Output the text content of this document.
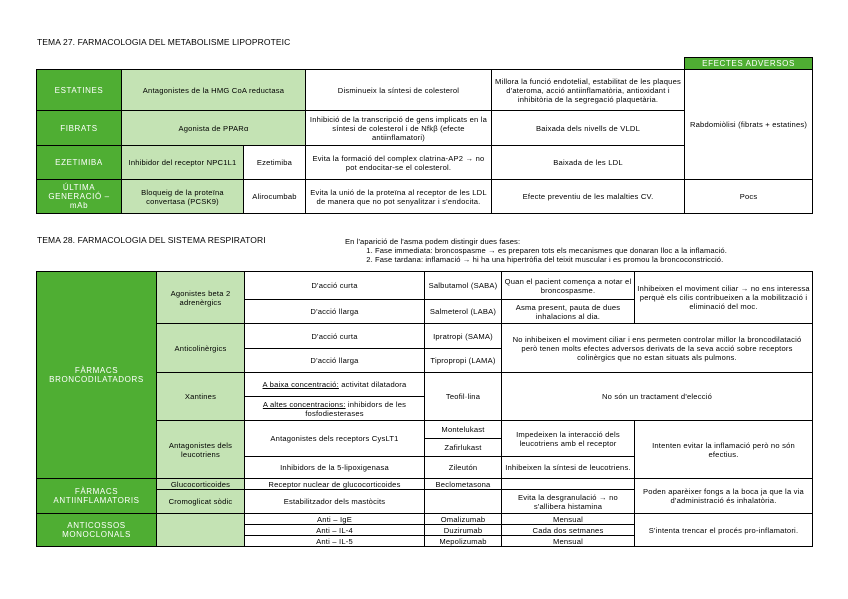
TEMA 27. FARMACOLOGIA DEL METABOLISME LIPOPROTEIC
					EFECTES ADVERSOS
ESTATINES	Antagonistes de la HMG CoA reductasa		Disminueix la síntesi de colesterol	Millora la funció endotelial, estabilitat de les plaques d'ateroma, acció antiinflamatòria, antioxidant i inhibitòria de la segregació plaquetària.	Rabdomiòlisi (fibrats + estatines)
FIBRATS	Agonista de PPARα		Inhibició de la transcripció de gens implicats en la síntesi de colesterol i de Nfkβ (efecte antiinflamatori)	Baixada dels nivells de VLDL	
EZETIMIBA	Inhibidor del receptor NPC1L1	Ezetimiba	Evita la formació del complex clatrina-AP2 → no pot endocitar-se el colesterol.	Baixada de les LDL	
ÚLTIMA GENERACIÓ – mAb	Bloqueig de la proteïna convertasa (PCSK9)	Alirocumbab	Evita la unió de la proteïna al receptor de les LDL de manera que no pot senyalitzar i s'endocita.	Efecte preventiu de les malalties CV.	Pocs
TEMA 28. FARMACOLOGIA DEL SISTEMA RESPIRATORI	En l'aparició de l'asma podem distingir dues fases:
1. Fase immediata: broncospasme → es preparen tots els mecanismes que donaran lloc a la inflamació.
2. Fase tardana: inflamació → hi ha una hipertròfia del teixit muscular i es promou la broncoconstricció.
FÀRMACS BRONCODILATADORS	Agonistes beta 2 adrenèrgics	D'acció curta	Salbutamol (SABA)	Quan el pacient comença a notar el broncospasme.	Inhibeixen el moviment ciliar → no ens interessa perquè els cilis contribueixen a la mobilització i eliminació del moc.
		D'acció llarga	Salmeterol (LABA)	Asma present, pauta de dues inhalacions al dia.	
	Anticolinèrgics	D'acció curta	Ipratropi (SAMA)	No inhibeixen el moviment ciliar i ens permeten controlar millor la broncodilatació però tenen molts efectes adversos derivats de la seva acció sobre receptors colinèrgics que no estan situats als pulmons.	
		D'acció llarga	Tipropropi (LAMA)		
	Xantines	A baixa concentració: activitat dilatadora	Teofil·lina	No són un tractament d'elecció	
		A altes concentracions: inhibidors de les fosfodiesterases			
	Antagonistes dels leucotriens	Antagonistes dels receptors CysLT1	Montelukast	Impedeixen la interacció dels leucotriens amb el receptor	Intenten evitar la inflamació però no són efectius.
			Zafirlukast		
		Inhibidors de la 5-lipoxigenasa	Zileutón	Inhibeixen la síntesi de leucotriens.	
FÀRMACS ANTIINFLAMATORIS	Glucocorticoides	Receptor nuclear de glucocorticoides	Beclometasona		Poden aparèixer fongs a la boca ja que la via d'administració és inhalatòria.
	Cromoglicat sòdic	Estabilitzador dels mastòcits		Evita la desgranulació → no s'allibera histamina	
ANTICOSSOS MONOCLONALS		Anti – IgE	Omalizumab	Mensual	S'intenta trencar el procés pro-inflamatori.
		Anti – IL-4	Duzirumab	Cada dos setmanes	
		Anti – IL-5	Mepolizumab	Mensual	
